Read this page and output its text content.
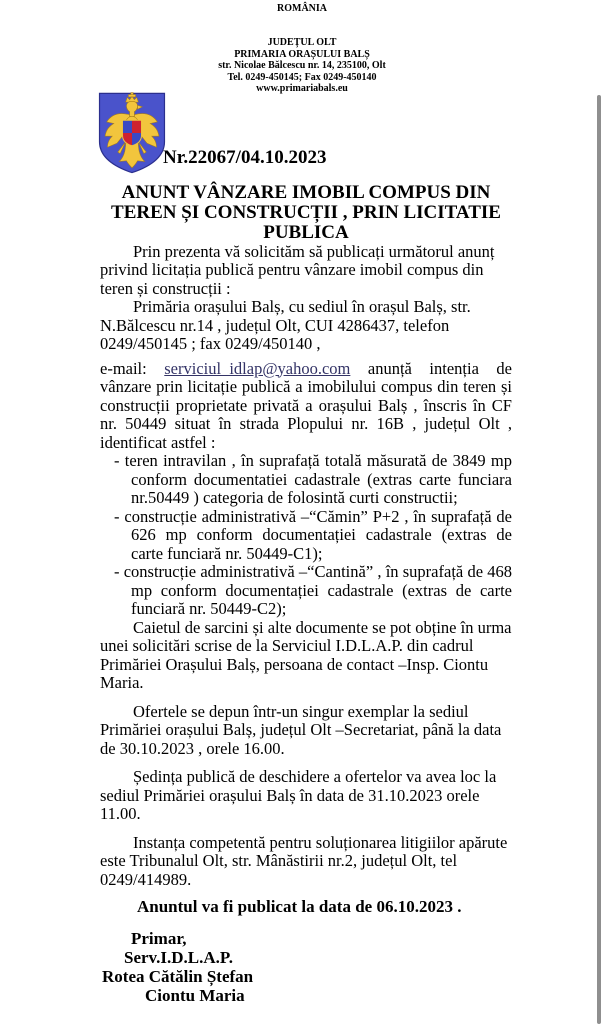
ROMÂNIA
JUDEȚUL OLT
PRIMARIA ORAȘULUI BALȘ
str. Nicolae Bălcescu nr. 14, 235100, Olt
Tel. 0249-450145; Fax 0249-450140
www.primariabals.eu
Nr.22067/04.10.2023
ANUNT VÂNZARE IMOBIL COMPUS DIN
TEREN ȘI CONSTRUCȚII , PRIN LICITATIE
PUBLICA
Prin prezenta vă solicităm să publicați următorul anunț privind licitația publică pentru vânzare imobil compus din teren și construcții :
Primăria orașului Balș, cu sediul în orașul Balș, str. N.Bălcescu nr.14 , județul Olt, CUI 4286437, telefon 0249/450145 ; fax 0249/450140 ,
e-mail: serviciul_idlap@yahoo.com anunță intenția de vânzare prin licitație publică a imobilului compus din teren și construcții proprietate privată a orașului Balș , înscris în CF nr. 50449 situat în strada Plopului nr. 16B , județul Olt , identificat astfel :
- teren intravilan , în suprafață totală măsurată de 3849 mp conform documentatiei cadastrale (extras carte funciara nr.50449 ) categoria de folosintă curti constructii;
- construcție administrativă –“Cămin” P+2 , în suprafață de 626 mp conform documentației cadastrale (extras de carte funciară nr. 50449-C1);
- construcție administrativă –“Cantină” , în suprafață de 468 mp conform documentației cadastrale (extras de carte funciară nr. 50449-C2);
Caietul de sarcini și alte documente se pot obține în urma unei solicitări scrise de la Serviciul I.D.L.A.P. din cadrul Primăriei Orașului Balș, persoana de contact –Insp. Ciontu Maria.
Ofertele se depun într-un singur exemplar la sediul Primăriei orașului Balș, județul Olt –Secretariat, până la data de 30.10.2023 , orele 16.00.
Ședința publică de deschidere a ofertelor va avea loc la sediul Primăriei orașului Balș în data de 31.10.2023 orele 11.00.
Instanța competentă pentru soluționarea litigiilor apărute este Tribunalul Olt, str. Mânăstirii nr.2, județul Olt, tel 0249/414989.
Anuntul va fi publicat la data de 06.10.2023 .
Primar,
Serv.I.D.L.A.P.
Rotea Cătălin Ștefan
Ciontu Maria
